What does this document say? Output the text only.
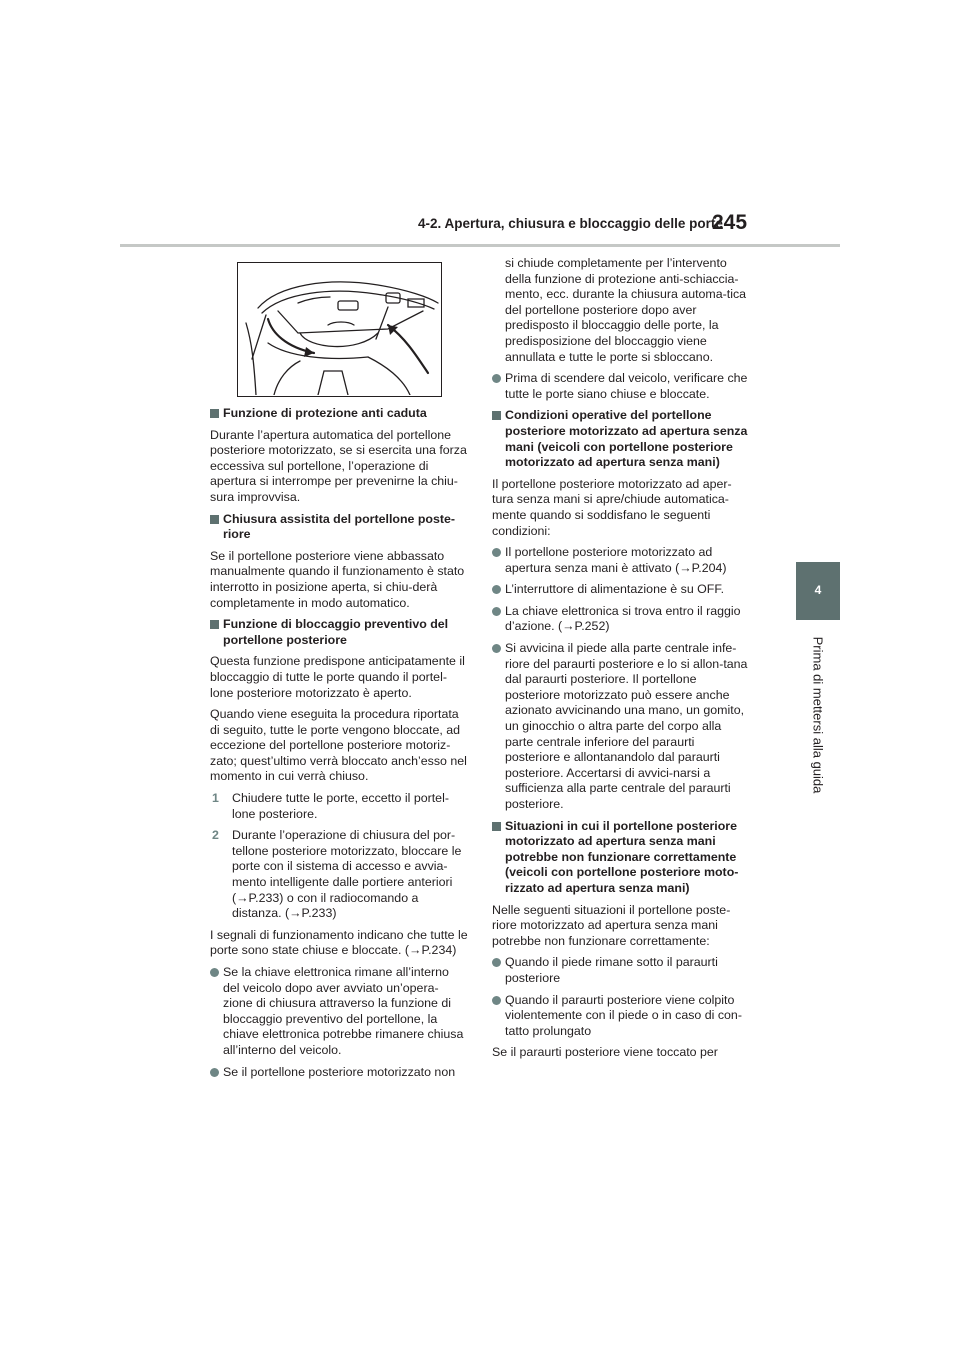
4-2. Apertura, chiusura e bloccaggio delle porte
245
4
Prima di mettersi alla guida

Funzione di protezione anti caduta

Durante l’apertura automatica del portellone posteriore motorizzato, se si esercita una forza eccessiva sul portellone, l’operazione di apertura si interrompe per prevenirne la chiu-sura improvvisa.

Chiusura assistita del portellone poste-riore

Se il portellone posteriore viene abbassato manualmente quando il funzionamento è stato interrotto in posizione aperta, si chiu-derà completamente in modo automatico.

Funzione di bloccaggio preventivo del portellone posteriore

Questa funzione predispone anticipatamente il bloccaggio di tutte le porte quando il portel-lone posteriore motorizzato è aperto.

Quando viene eseguita la procedura riportata di seguito, tutte le porte vengono bloccate, ad eccezione del portellone posteriore motoriz-zato; quest’ultimo verrà bloccato anch’esso nel momento in cui verrà chiuso.

1 Chiudere tutte le porte, eccetto il portel-lone posteriore.

2 Durante l’operazione di chiusura del por-tellone posteriore motorizzato, bloccare le porte con il sistema di accesso e avvia-mento intelligente dalle portiere anteriori (→P.233) o con il radiocomando a distanza. (→P.233)

I segnali di funzionamento indicano che tutte le porte sono state chiuse e bloccate. (→P.234)

Se la chiave elettronica rimane all’interno del veicolo dopo aver avviato un’opera-zione di chiusura attraverso la funzione di bloccaggio preventivo del portellone, la chiave elettronica potrebbe rimanere chiusa all’interno del veicolo.

Se il portellone posteriore motorizzato non

si chiude completamente per l’intervento della funzione di protezione anti-schiaccia-mento, ecc. durante la chiusura automa-tica del portellone posteriore dopo aver predisposto il bloccaggio delle porte, la predisposizione del bloccaggio viene annullata e tutte le porte si sbloccano.

Prima di scendere dal veicolo, verificare che tutte le porte siano chiuse e bloccate.

Condizioni operative del portellone posteriore motorizzato ad apertura senza mani (veicoli con portellone posteriore motorizzato ad apertura senza mani)

Il portellone posteriore motorizzato ad aper-tura senza mani si apre/chiude automatica-mente quando si soddisfano le seguenti condizioni:

Il portellone posteriore motorizzato ad apertura senza mani è attivato (→P.204)

L’interruttore di alimentazione è su OFF.

La chiave elettronica si trova entro il raggio d’azione. (→P.252)

Si avvicina il piede alla parte centrale infe-riore del paraurti posteriore e lo si allon-tana dal paraurti posteriore. Il portellone posteriore motorizzato può essere anche azionato avvicinando una mano, un gomito, un ginocchio o altra parte del corpo alla parte centrale inferiore del paraurti posteriore e allontanandolo dal paraurti posteriore. Accertarsi di avvici-narsi a sufficienza alla parte centrale del paraurti posteriore.

Situazioni in cui il portellone posteriore motorizzato ad apertura senza mani potrebbe non funzionare correttamente (veicoli con portellone posteriore moto-rizzato ad apertura senza mani)

Nelle seguenti situazioni il portellone poste-riore motorizzato ad apertura senza mani potrebbe non funzionare correttamente:

Quando il piede rimane sotto il paraurti posteriore

Quando il paraurti posteriore viene colpito violentemente con il piede o in caso di con-tatto prolungato

Se il paraurti posteriore viene toccato per
